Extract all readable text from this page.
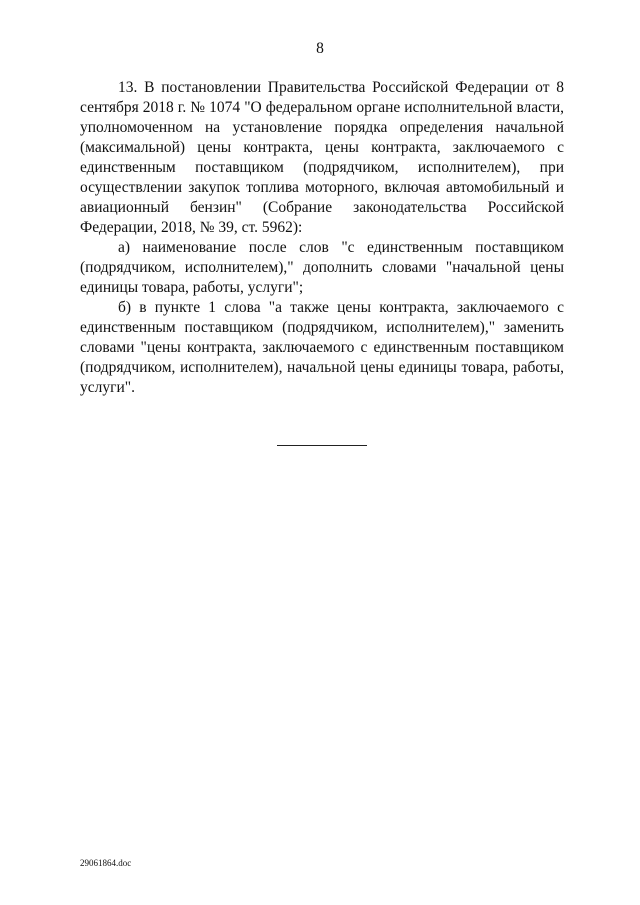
8

13. В постановлении Правительства Российской Федерации от 8 сентября 2018 г. № 1074 "О федеральном органе исполнительной власти, уполномоченном на установление порядка определения начальной (максимальной) цены контракта, цены контракта, заключаемого с единственным поставщиком (подрядчиком, исполнителем), при осуществлении закупок топлива моторного, включая автомобильный и авиационный бензин" (Собрание законодательства Российской Федерации, 2018, № 39, ст. 5962):

а) наименование после слов "с единственным поставщиком (подрядчиком, исполнителем)," дополнить словами "начальной цены единицы товара, работы, услуги";

б) в пункте 1 слова "а также цены контракта, заключаемого с единственным поставщиком (подрядчиком, исполнителем)," заменить словами "цены контракта, заключаемого с единственным поставщиком (подрядчиком, исполнителем), начальной цены единицы товара, работы, услуги".

29061864.doc
